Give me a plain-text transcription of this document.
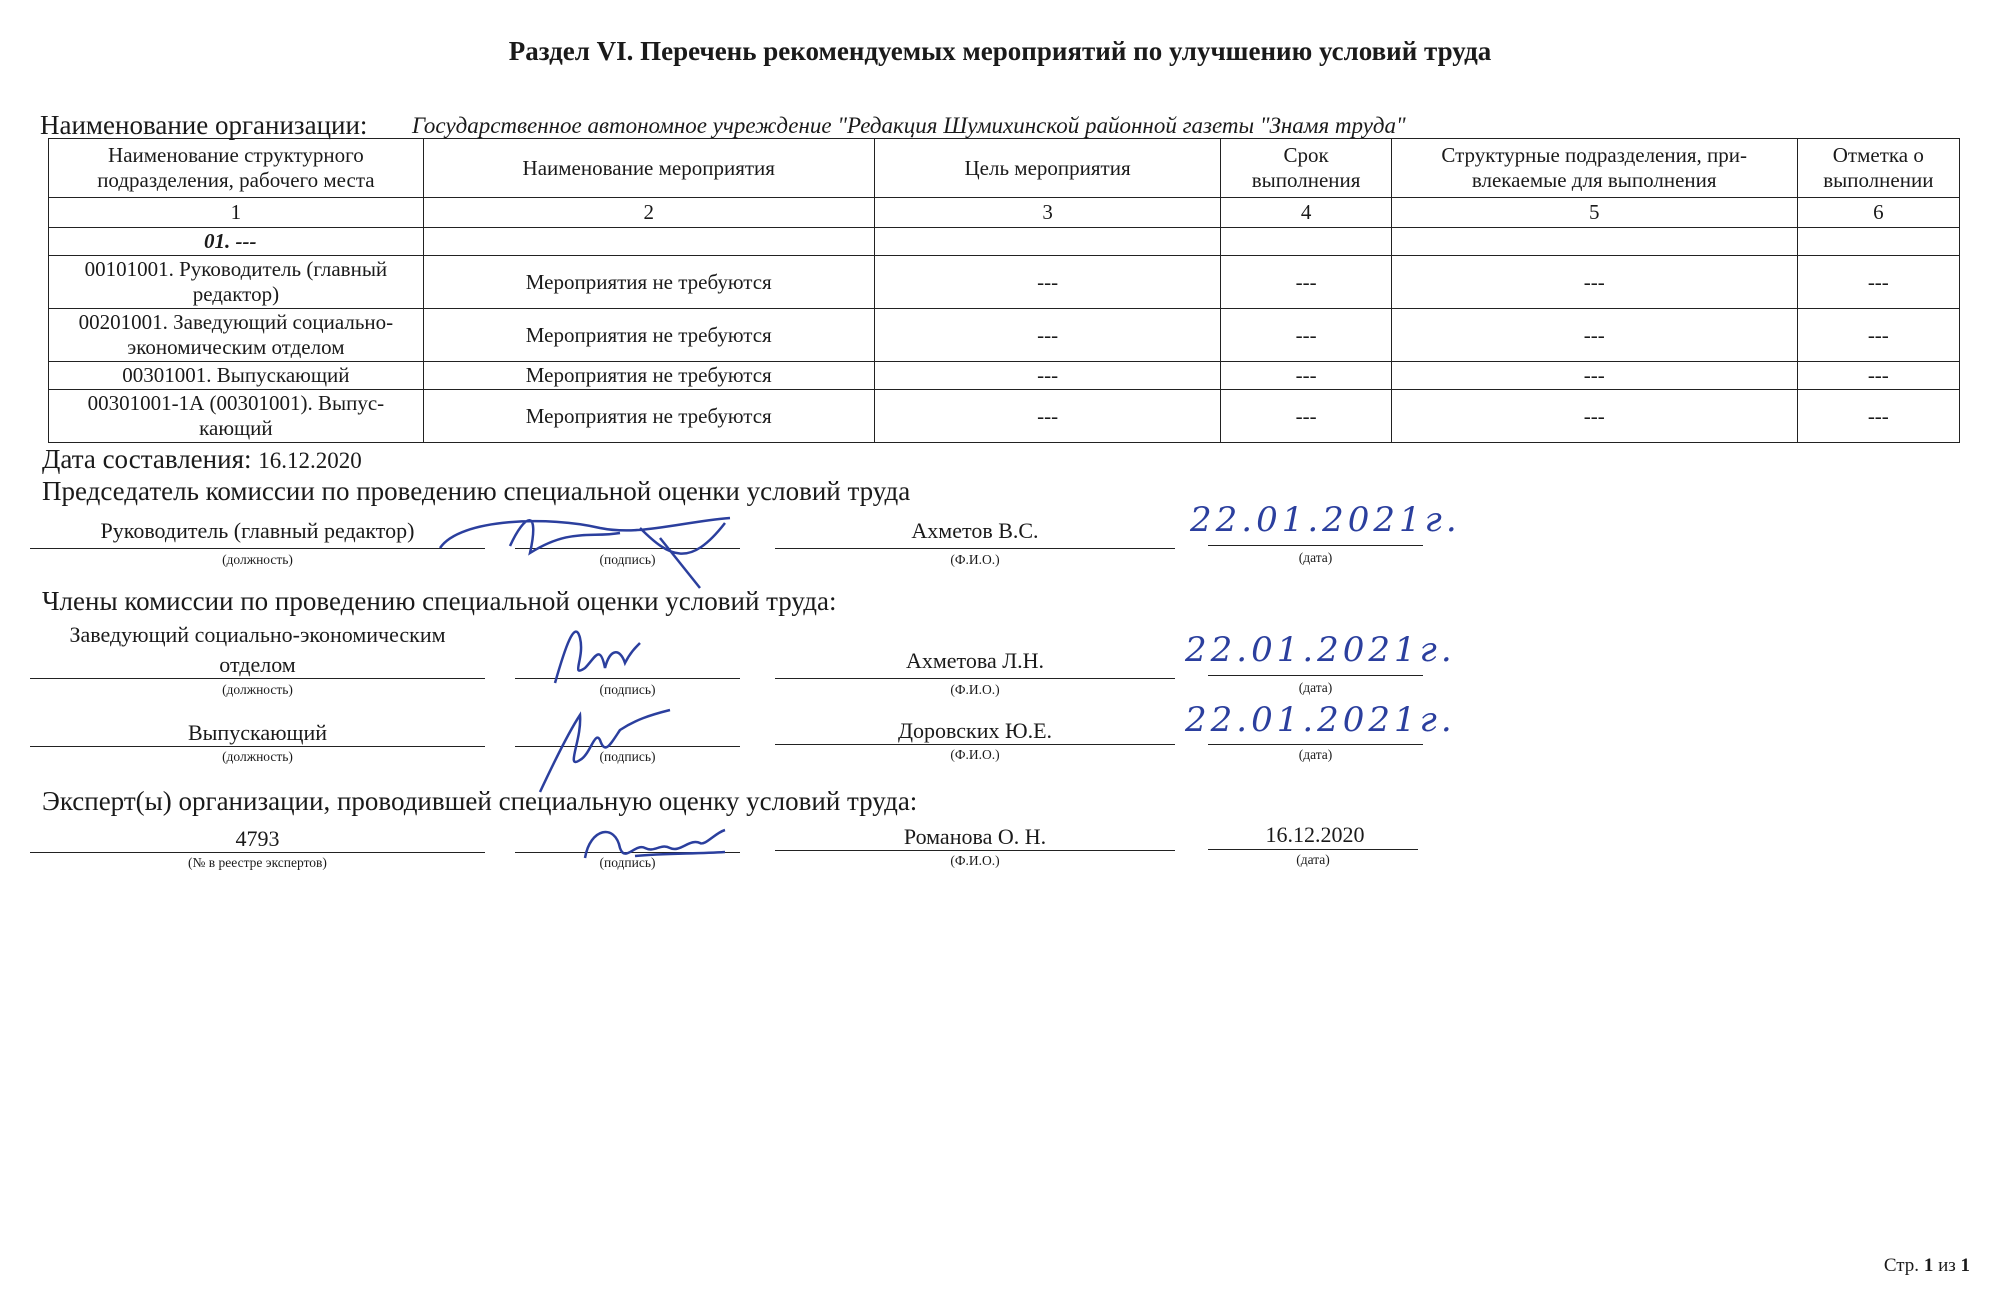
Раздел VI. Перечень рекомендуемых мероприятий по улучшению условий труда
Наименование организации: Государственное автономное учреждение "Редакция Шумихинской районной газеты "Знамя труда"
Наименование структурного подразделения, рабочего места	Наименование мероприятия	Цель мероприятия	Срок выполнения	Структурные подразделения, привлекаемые для выполнения	Отметка о выполнении
1	2	3	4	5	6
01. ---					
00101001. Руководитель (главный редактор)	Мероприятия не требуются	---	---	---	---
00201001. Заведующий социально-экономическим отделом	Мероприятия не требуются	---	---	---	---
00301001. Выпускающий	Мероприятия не требуются	---	---	---	---
00301001-1А (00301001). Выпускающий	Мероприятия не требуются	---	---	---	---
Дата составления: 16.12.2020
Председатель комиссии по проведению специальной оценки условий труда
Руководитель (главный редактор)
(должность)	(подпись)
Ахметов В.С.
(Ф.И.О.)
22.01.2021г.
(дата)
Члены комиссии по проведению специальной оценки условий труда:
Заведующий социально-экономическим отделом
(должность)	(подпись)
Ахметова Л.Н.
(Ф.И.О.)
22.01.2021г.
(дата)
Выпускающий
(должность)	(подпись)
Доровских Ю.Е.
(Ф.И.О.)
22.01.2021г.
(дата)
Эксперт(ы) организации, проводившей специальную оценку условий труда:
4793
(№ в реестре экспертов)	(подпись)
Романова О. Н.
(Ф.И.О.)
16.12.2020
(дата)
Стр. 1 из 1
